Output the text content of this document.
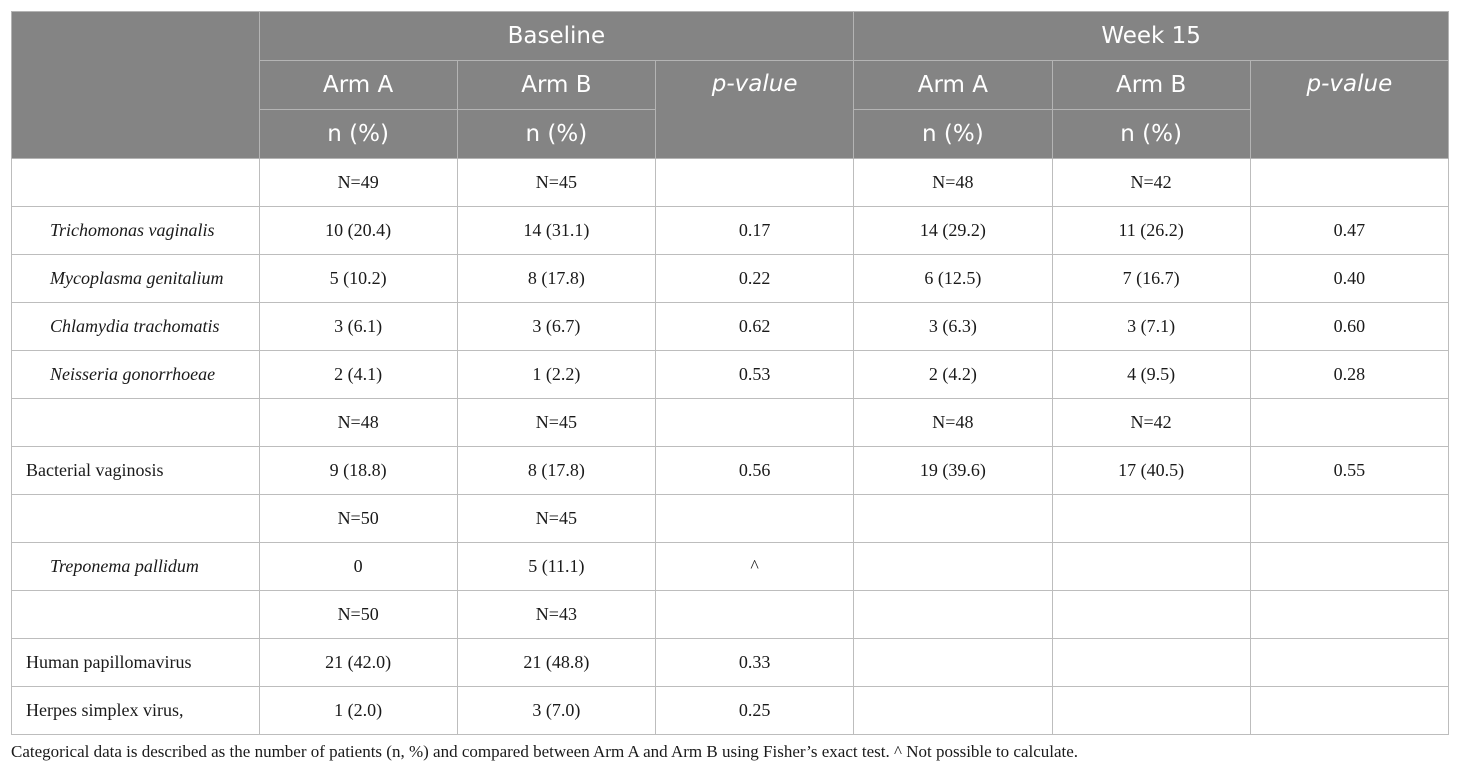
	Baseline			Week 15		
	Arm A	Arm B	p-value	Arm A	Arm B	p-value
	n (%)	n (%)		n (%)	n (%)	
	N=49	N=45		N=48	N=42	
Trichomonas vaginalis	10 (20.4)	14 (31.1)	0.17	14 (29.2)	11 (26.2)	0.47
Mycoplasma genitalium	5 (10.2)	8 (17.8)	0.22	6 (12.5)	7 (16.7)	0.40
Chlamydia trachomatis	3 (6.1)	3 (6.7)	0.62	3 (6.3)	3 (7.1)	0.60
Neisseria gonorrhoeae	2 (4.1)	1 (2.2)	0.53	2 (4.2)	4 (9.5)	0.28
	N=48	N=45		N=48	N=42	
Bacterial vaginosis	9 (18.8)	8 (17.8)	0.56	19 (39.6)	17 (40.5)	0.55
	N=50	N=45				
Treponema pallidum	0	5 (11.1)	^			
	N=50	N=43				
Human papillomavirus	21 (42.0)	21 (48.8)	0.33			
Herpes simplex virus,	1 (2.0)	3 (7.0)	0.25			
Categorical data is described as the number of patients (n, %) and compared between Arm A and Arm B using Fisher’s exact test. ^ Not possible to calculate.
